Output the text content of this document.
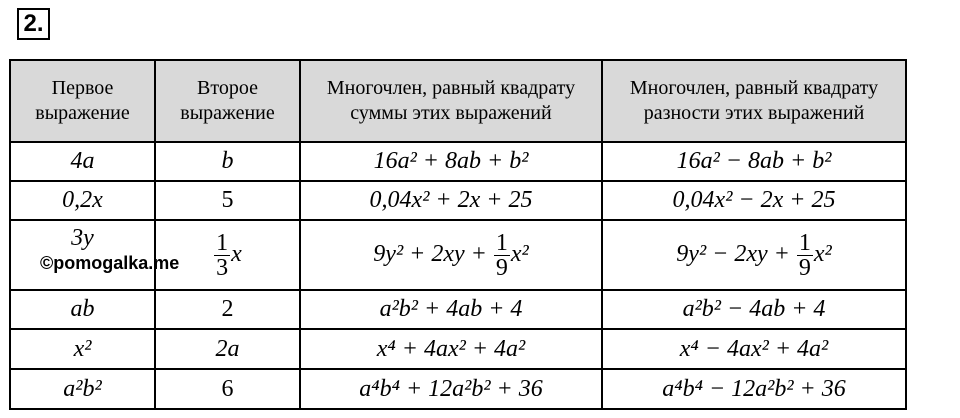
2.
Первое выражение	Второе выражение	Многочлен, равный квадрату суммы этих выражений	Многочлен, равный квадрату разности этих выражений
4a	b	16a² + 8ab + b²	16a² − 8ab + b²
0,2x	5	0,04x² + 2x + 25	0,04x² − 2x + 25

3y	$\frac{1}{3}$ x	$9y^2 + 2xy + \frac{1}{9} x^2$	$9y^2 - 2xy + \frac{1}{9} x^2$
ab	2	a²b² + 4ab + 4	a²b² − 4ab + 4
x²	2a	x⁴ + 4ax² + 4a²	x⁴ − 4ax² + 4a²
a²b²	6	a⁴b⁴ + 12a²b² + 36	a⁴b⁴ − 12a²b² + 36
©pomogalka.me
